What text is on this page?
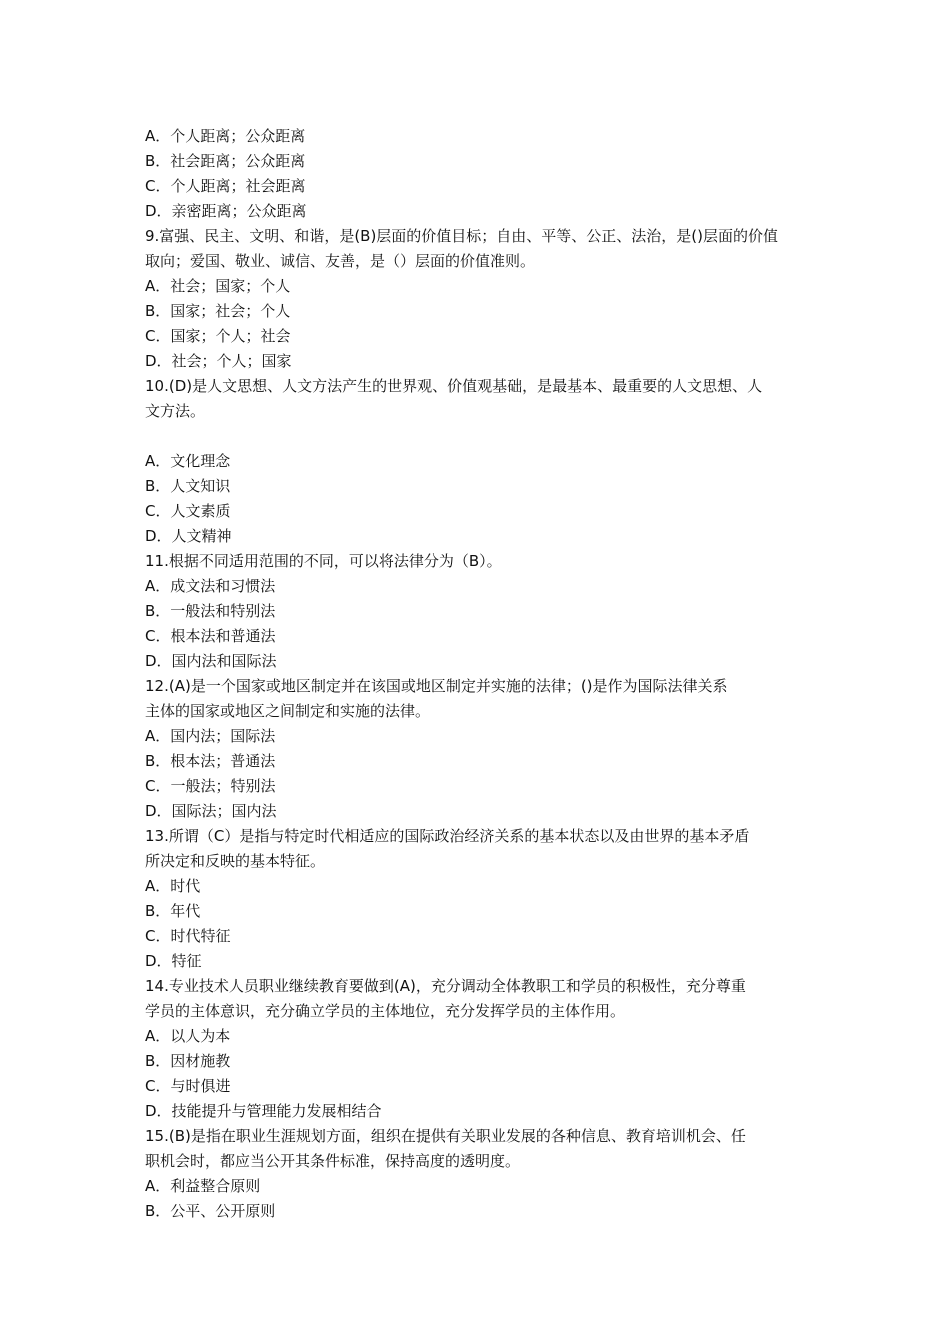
A．个人距离；公众距离
B．社会距离；公众距离
C．个人距离；社会距离
D．亲密距离；公众距离
9.富强、民主、文明、和谐，是(B)层面的价值目标；自由、平等、公正、法治，是()层面的价值
取向；爱国、敬业、诚信、友善，是（）层面的价值准则。
A．社会；国家；个人
B．国家；社会；个人
C．国家；个人；社会
D．社会；个人；国家
10.(D)是人文思想、人文方法产生的世界观、价值观基础，是最基本、最重要的人文思想、人
文方法。
A．文化理念
B．人文知识
C．人文素质
D．人文精神
11.根据不同适用范围的不同，可以将法律分为（B）。
A．成文法和习惯法
B．一般法和特别法
C．根本法和普通法
D．国内法和国际法
12.(A)是一个国家或地区制定并在该国或地区制定并实施的法律；()是作为国际法律关系
主体的国家或地区之间制定和实施的法律。
A．国内法；国际法
B．根本法；普通法
C．一般法；特别法
D．国际法；国内法
13.所谓（C）是指与特定时代相适应的国际政治经济关系的基本状态以及由世界的基本矛盾
所决定和反映的基本特征。
A．时代
B．年代
C．时代特征
D．特征
14.专业技术人员职业继续教育要做到(A)，充分调动全体教职工和学员的积极性，充分尊重
学员的主体意识，充分确立学员的主体地位，充分发挥学员的主体作用。
A．以人为本
B．因材施教
C．与时俱进
D．技能提升与管理能力发展相结合
15.(B)是指在职业生涯规划方面，组织在提供有关职业发展的各种信息、教育培训机会、任
职机会时，都应当公开其条件标准，保持高度的透明度。
A．利益整合原则
B．公平、公开原则
